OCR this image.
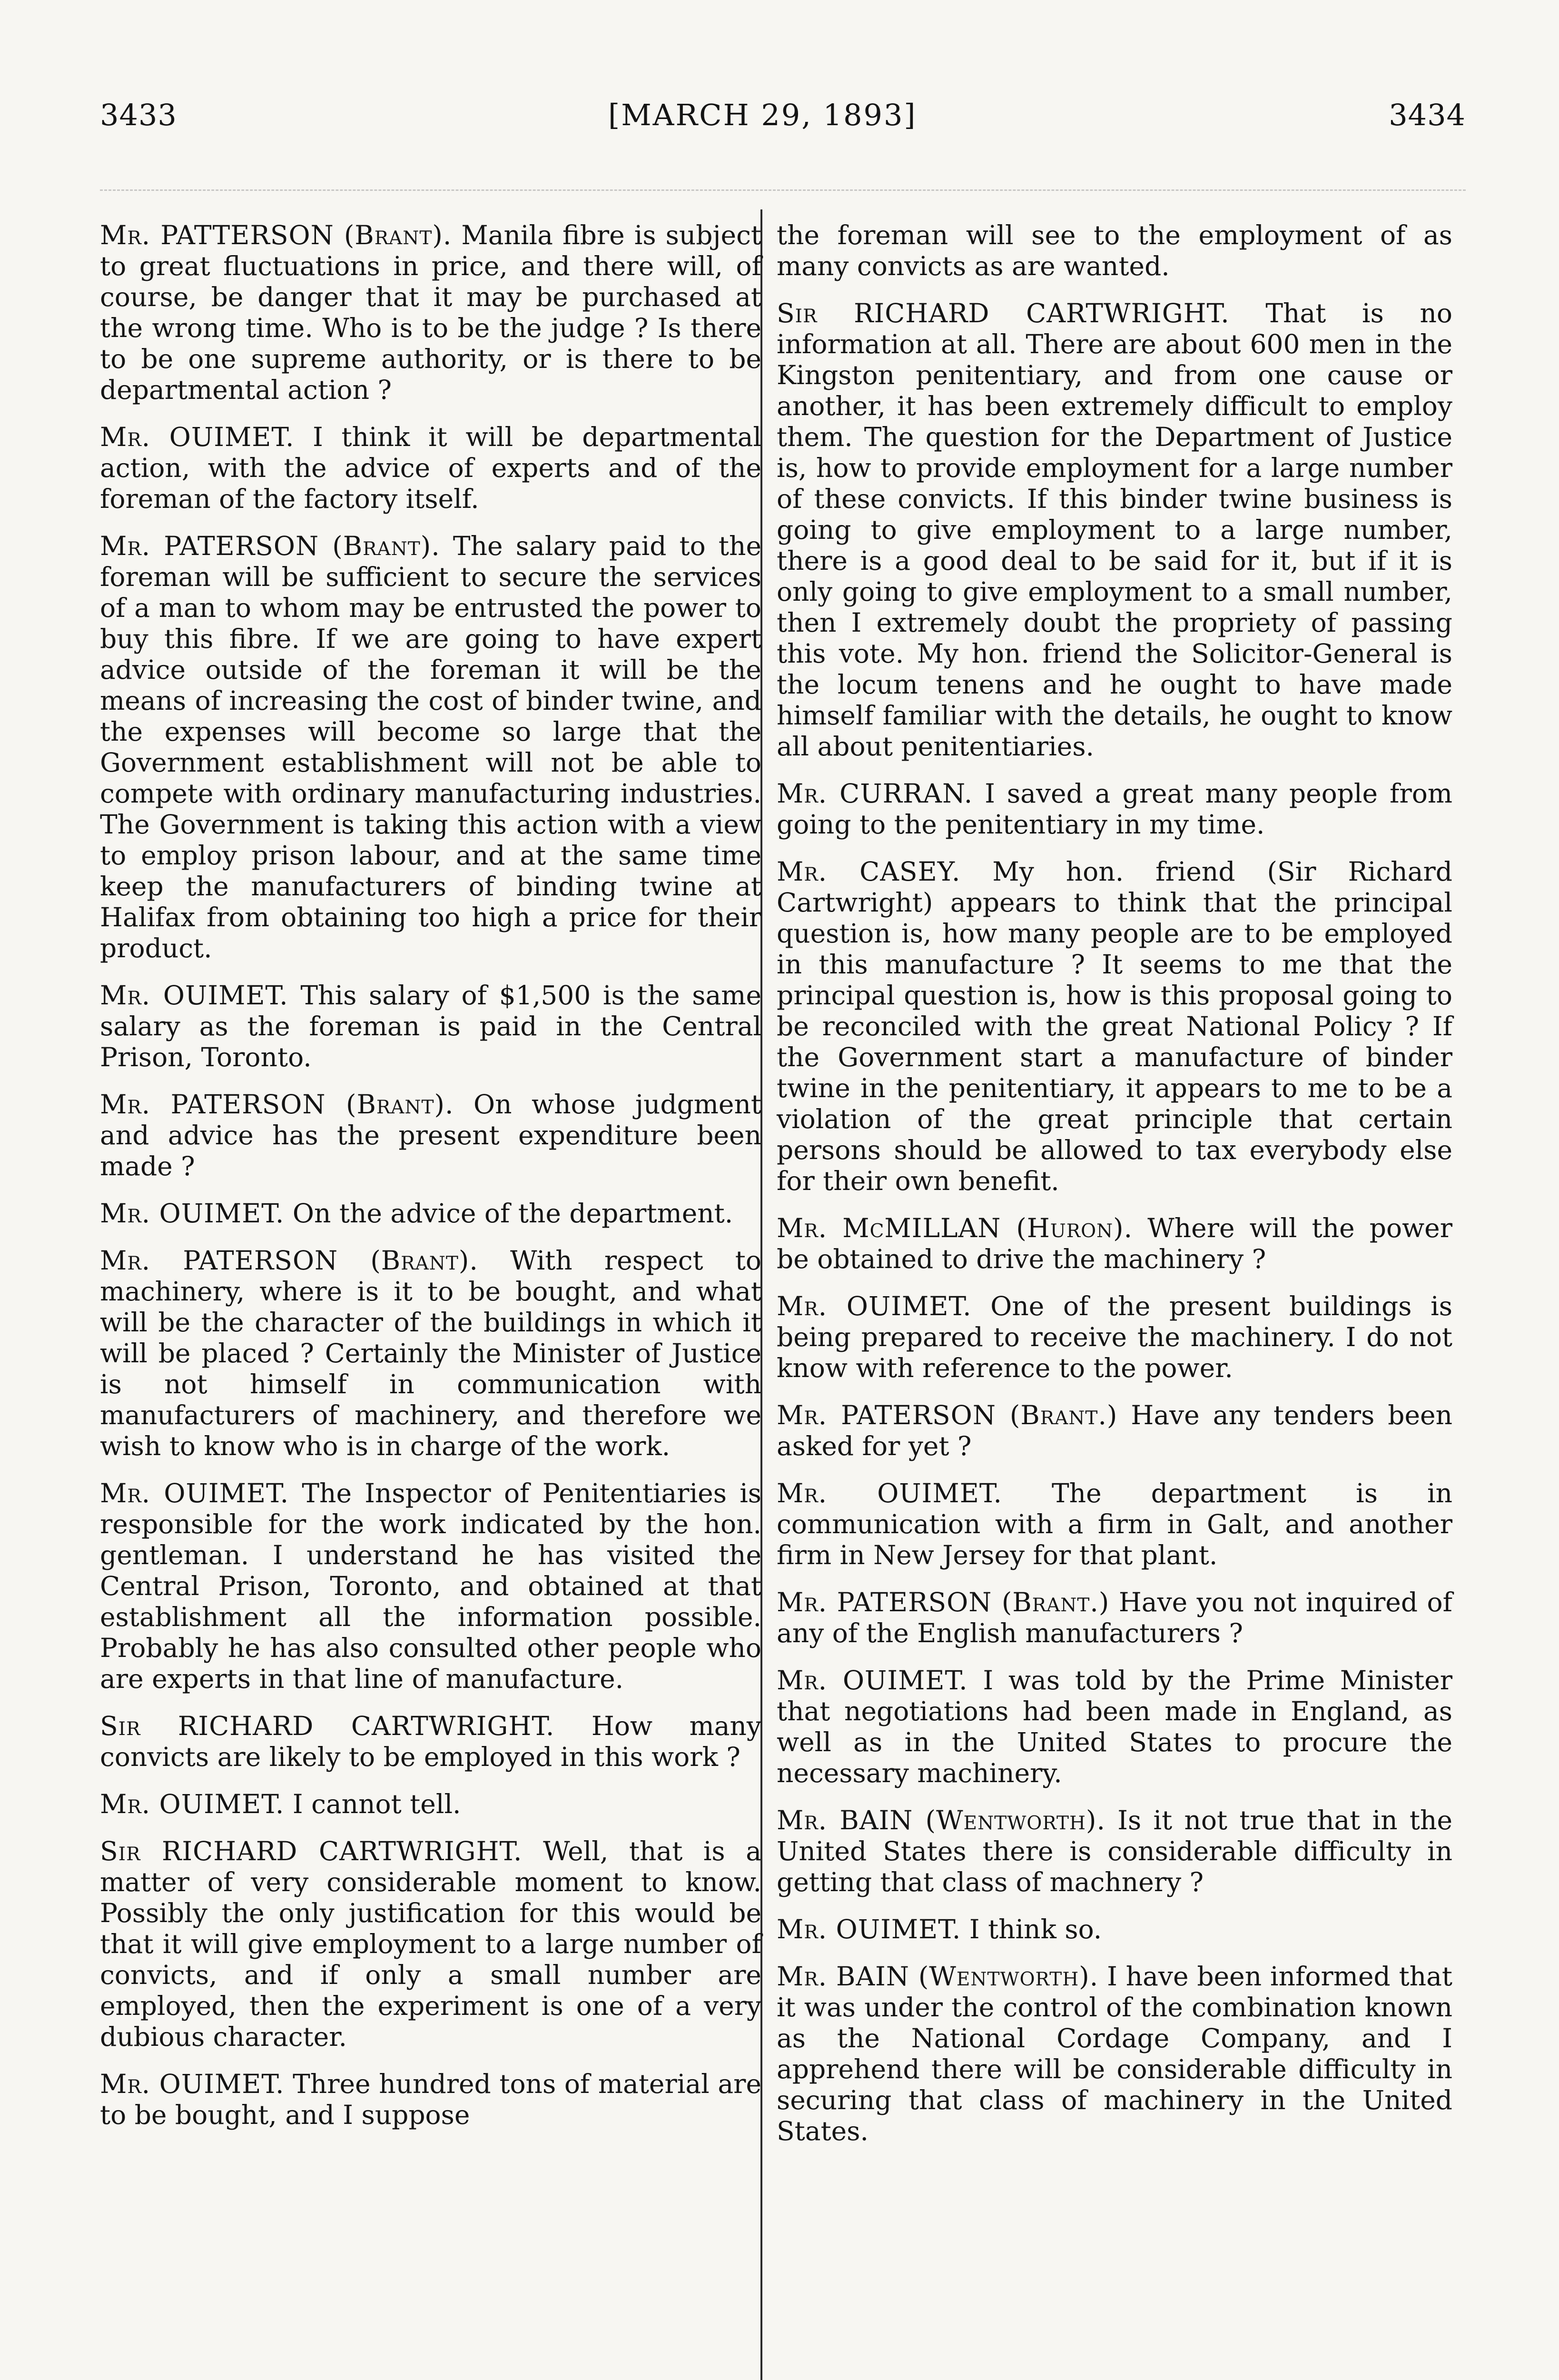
3433	[MARCH 29, 1893]	3434

Mr. PATTERSON (Brant). Manila fibre is subject to great fluctuations in price, and there will, of course, be danger that it may be purchased at the wrong time. Who is to be the judge ? Is there to be one supreme authority, or is there to be departmental action ?

Mr. OUIMET. I think it will be departmental action, with the advice of experts and of the foreman of the factory itself.

Mr. PATERSON (Brant). The salary paid to the foreman will be sufficient to secure the services of a man to whom may be entrusted the power to buy this fibre. If we are going to have expert advice outside of the foreman it will be the means of increasing the cost of binder twine, and the expenses will become so large that the Government establishment will not be able to compete with ordinary manufacturing industries. The Government is taking this action with a view to employ prison labour, and at the same time keep the manufacturers of binding twine at Halifax from obtaining too high a price for their product.

Mr. OUIMET. This salary of $1,500 is the same salary as the foreman is paid in the Central Prison, Toronto.

Mr. PATERSON (Brant). On whose judgment and advice has the present expenditure been made ?

Mr. OUIMET. On the advice of the department.

Mr. PATERSON (Brant). With respect to machinery, where is it to be bought, and what will be the character of the buildings in which it will be placed ? Certainly the Minister of Justice is not himself in communication with manufacturers of machinery, and therefore we wish to know who is in charge of the work.

Mr. OUIMET. The Inspector of Penitentiaries is responsible for the work indicated by the hon. gentleman. I understand he has visited the Central Prison, Toronto, and obtained at that establishment all the information possible. Probably he has also consulted other people who are experts in that line of manufacture.

Sir RICHARD CARTWRIGHT. How many convicts are likely to be employed in this work ?

Mr. OUIMET. I cannot tell.

Sir RICHARD CARTWRIGHT. Well, that is a matter of very considerable moment to know. Possibly the only justification for this would be that it will give employment to a large number of convicts, and if only a small number are employed, then the experiment is one of a very dubious character.

Mr. OUIMET. Three hundred tons of material are to be bought, and I suppose

the foreman will see to the employment of as many convicts as are wanted.

Sir RICHARD CARTWRIGHT. That is no information at all. There are about 600 men in the Kingston penitentiary, and from one cause or another, it has been extremely difficult to employ them. The question for the Department of Justice is, how to provide employment for a large number of these convicts. If this binder twine business is going to give employment to a large number, there is a good deal to be said for it, but if it is only going to give employment to a small number, then I extremely doubt the propriety of passing this vote. My hon. friend the Solicitor-General is the locum tenens and he ought to have made himself familiar with the details, he ought to know all about penitentiaries.

Mr. CURRAN. I saved a great many people from going to the penitentiary in my time.

Mr. CASEY. My hon. friend (Sir Richard Cartwright) appears to think that the principal question is, how many people are to be employed in this manufacture ? It seems to me that the principal question is, how is this proposal going to be reconciled with the great National Policy ? If the Government start a manufacture of binder twine in the penitentiary, it appears to me to be a violation of the great principle that certain persons should be allowed to tax everybody else for their own benefit.

Mr. McMILLAN (Huron). Where will the power be obtained to drive the machinery ?

Mr. OUIMET. One of the present buildings is being prepared to receive the machinery. I do not know with reference to the power.

Mr. PATERSON (Brant.) Have any tenders been asked for yet ?

Mr. OUIMET. The department is in communication with a firm in Galt, and another firm in New Jersey for that plant.

Mr. PATERSON (Brant.) Have you not inquired of any of the English manufacturers ?

Mr. OUIMET. I was told by the Prime Minister that negotiations had been made in England, as well as in the United States to procure the necessary machinery.

Mr. BAIN (Wentworth). Is it not true that in the United States there is considerable difficulty in getting that class of machnery ?

Mr. OUIMET. I think so.

Mr. BAIN (Wentworth). I have been informed that it was under the control of the combination known as the National Cordage Company, and I apprehend there will be considerable difficulty in securing that class of machinery in the United States.
